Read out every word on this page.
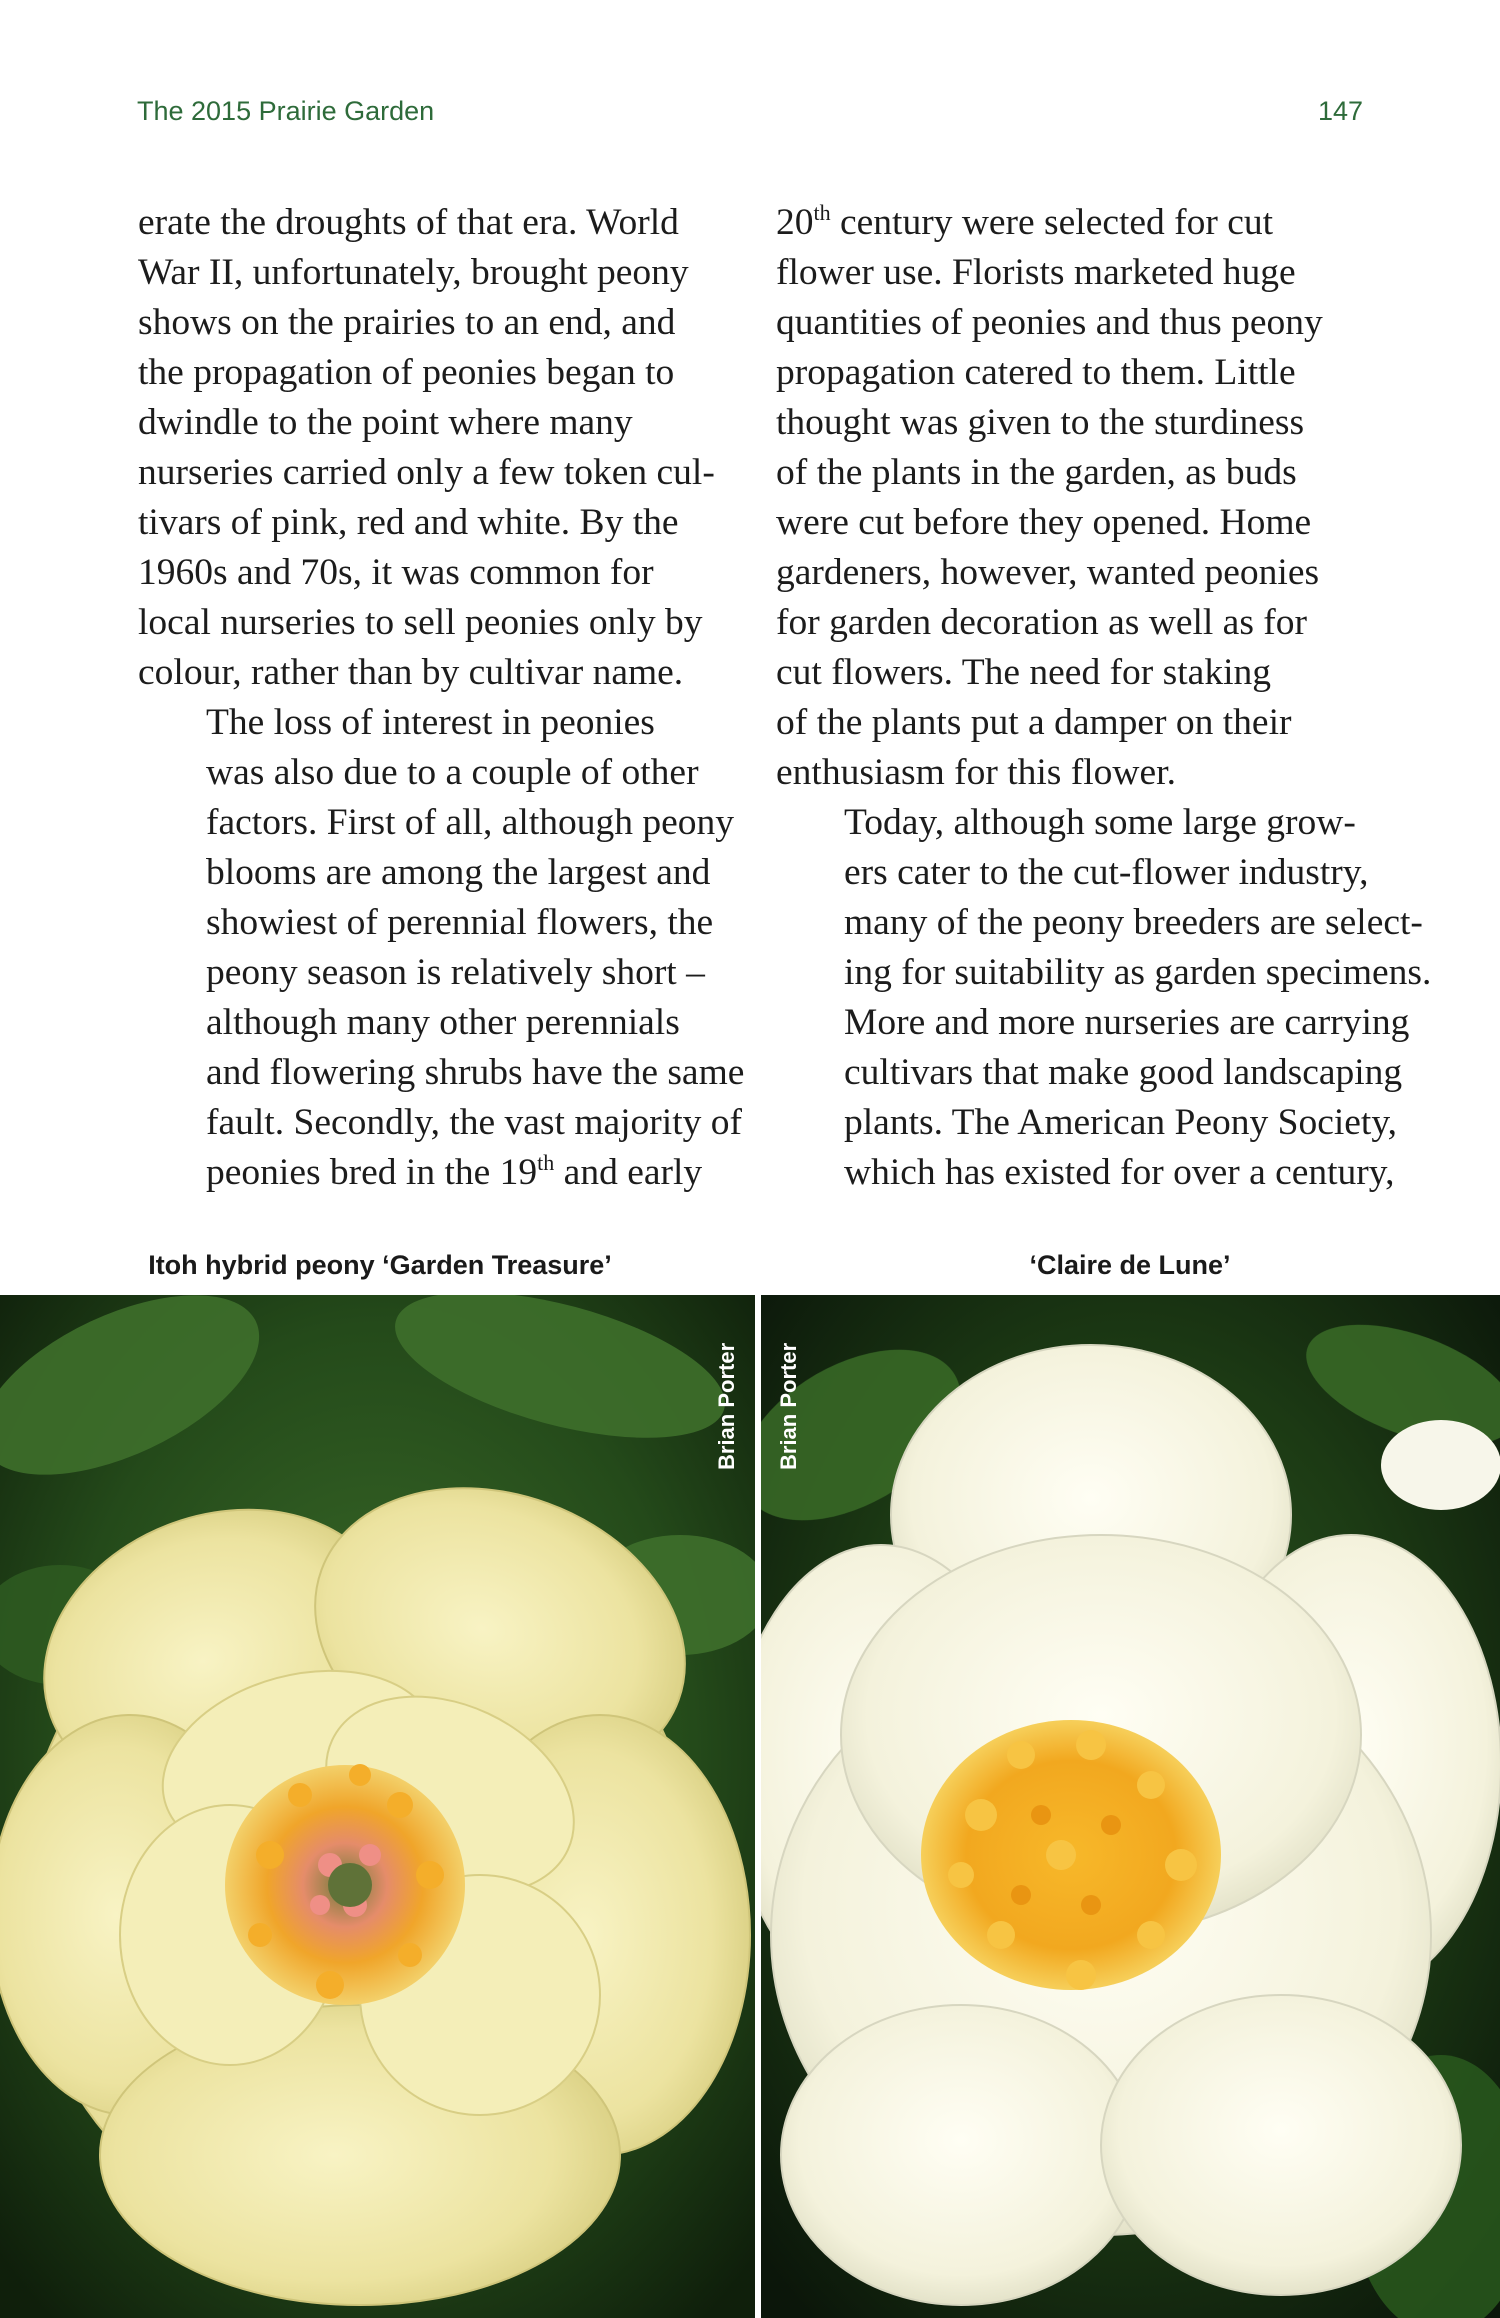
The 2015 Prairie Garden	147

erate the droughts of that era. World
War II, unfortunately, brought peony
shows on the prairies to an end, and
the propagation of peonies began to
dwindle to the point where many
nurseries carried only a few token cul-
tivars of pink, red and white. By the
1960s and 70s, it was common for
local nurseries to sell peonies only by
colour, rather than by cultivar name.

The loss of interest in peonies
was also due to a couple of other
factors. First of all, although peony
blooms are among the largest and
showiest of perennial flowers, the
peony season is relatively short –
although many other perennials
and flowering shrubs have the same
fault. Secondly, the vast majority of
peonies bred in the 19th and early

20th century were selected for cut
flower use. Florists marketed huge
quantities of peonies and thus peony
propagation catered to them. Little
thought was given to the sturdiness
of the plants in the garden, as buds
were cut before they opened. Home
gardeners, however, wanted peonies
for garden decoration as well as for
cut flowers. The need for staking
of the plants put a damper on their
enthusiasm for this flower.

Today, although some large grow-
ers cater to the cut-flower industry,
many of the peony breeders are select-
ing for suitability as garden specimens.
More and more nurseries are carrying
cultivars that make good landscaping
plants. The American Peony Society,
which has existed for over a century,

Itoh hybrid peony ‘Garden Treasure’	‘Claire de Lune’
Brian Porter Brian Porter
